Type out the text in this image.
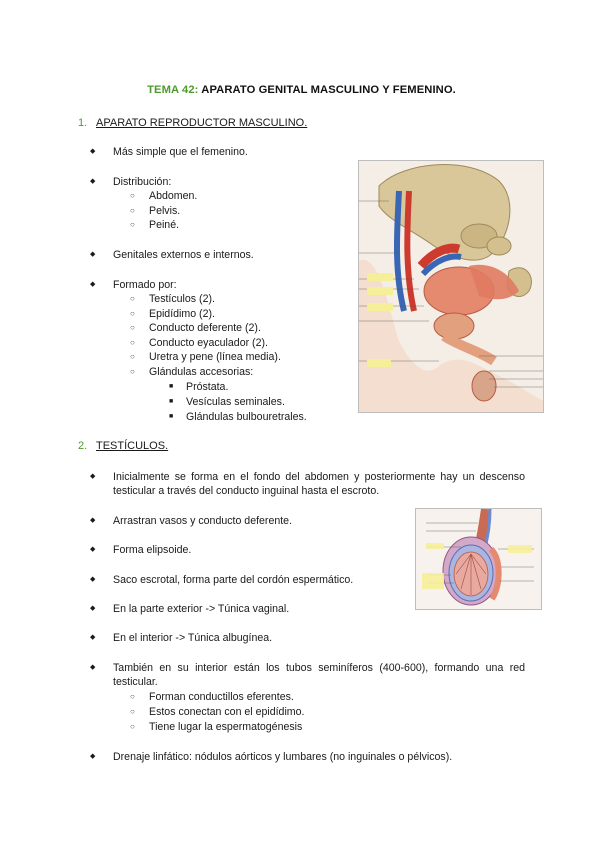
TEMA 42: APARATO GENITAL MASCULINO Y FEMENINO.
1. APARATO REPRODUCTOR MASCULINO.
◆ Más simple que el femenino.
◆ Distribución:
○ Abdomen.
○ Pelvis.
○ Peiné.
◆ Genitales externos e internos.
◆ Formado por:
○ Testículos (2).
○ Epidídimo (2).
○ Conducto deferente (2).
○ Conducto eyaculador (2).
○ Uretra y pene (línea media).
○ Glándulas accesorias:
■ Próstata.
■ Vesículas seminales.
■ Glándulas bulbouretrales.
2. TESTÍCULOS.
◆ Inicialmente se forma en el fondo del abdomen y posteriormente hay un descenso testicular a través del conducto inguinal hasta el escroto.
◆ Arrastran vasos y conducto deferente.
◆ Forma elipsoide.
◆ Saco escrotal, forma parte del cordón espermático.
◆ En la parte exterior -> Túnica vaginal.
◆ En el interior -> Túnica albugínea.
◆ También en su interior están los tubos seminíferos (400-600), formando una red testicular.
○ Forman conductillos eferentes.
○ Estos conectan con el epidídimo.
○ Tiene lugar la espermatogénesis
◆ Drenaje linfático: nódulos aórticos y lumbares (no inguinales o pélvicos).
